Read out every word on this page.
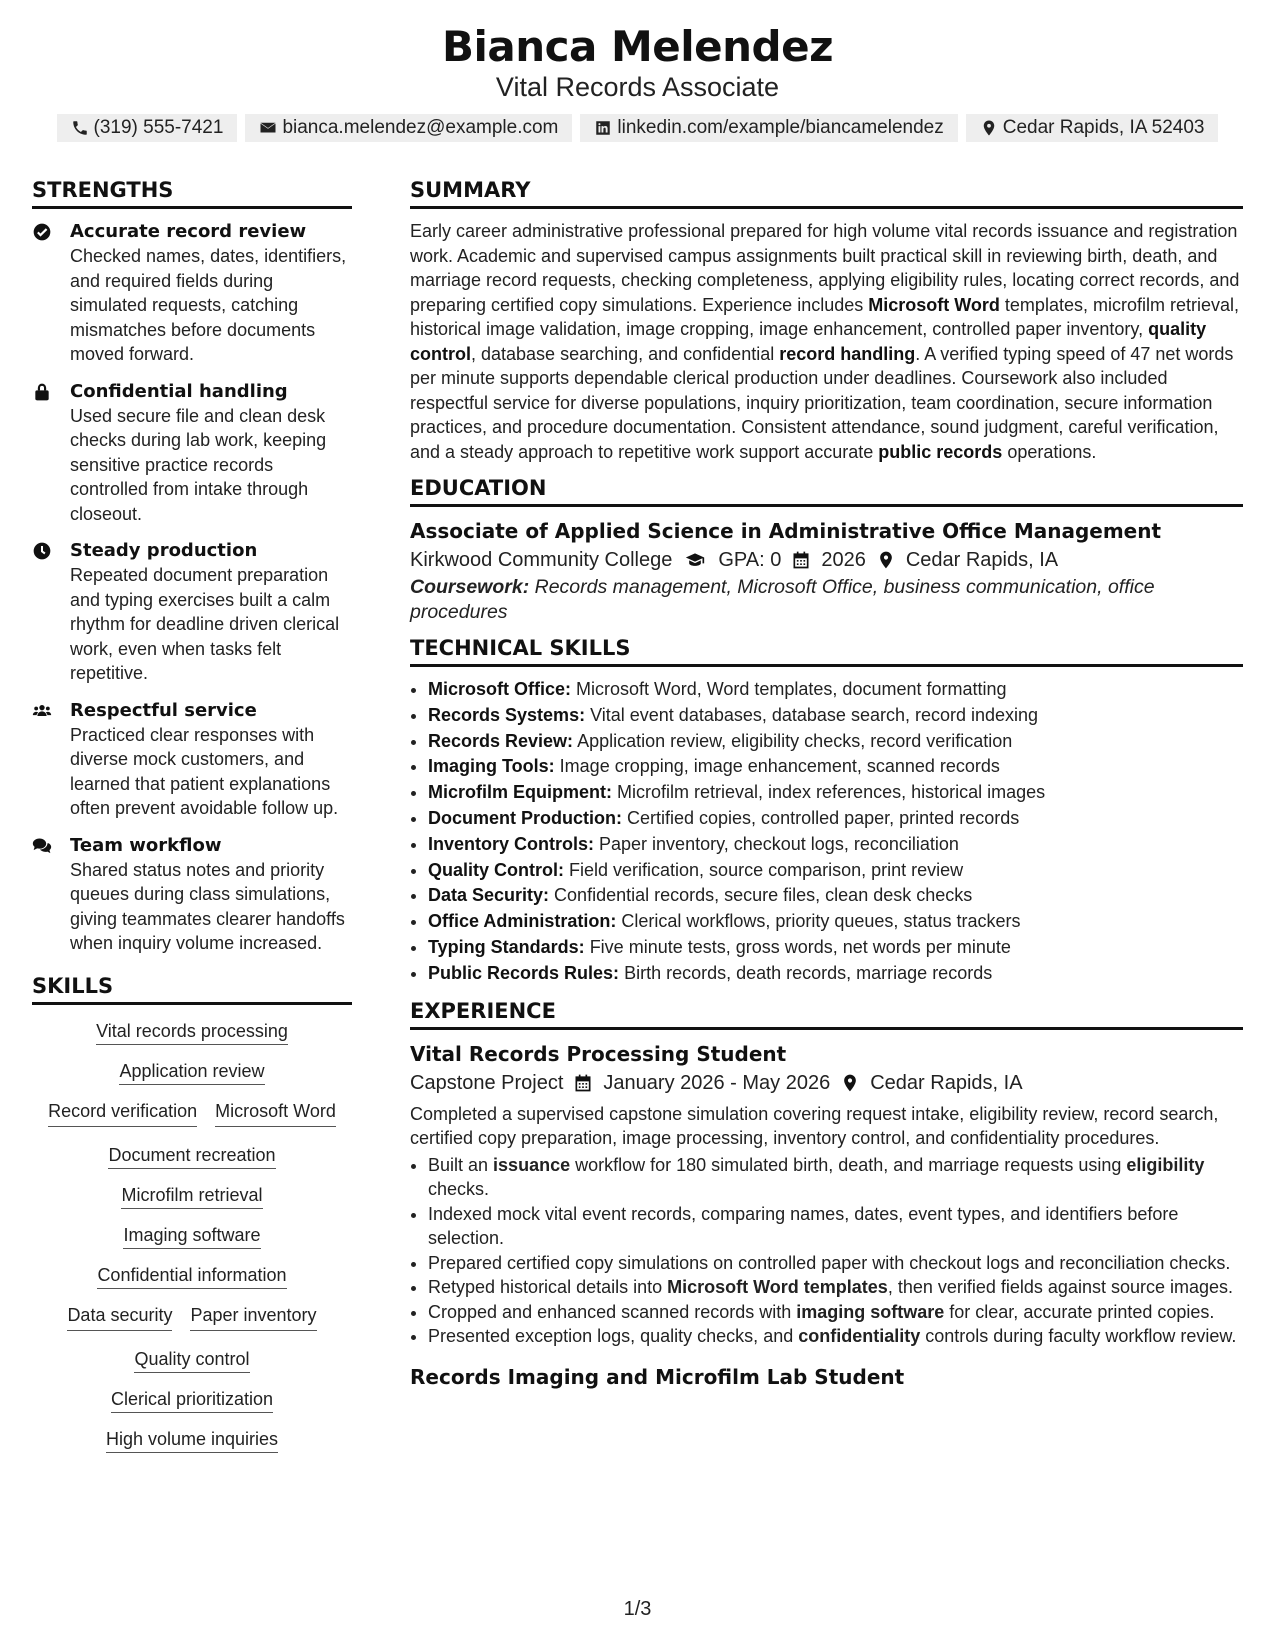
Bianca Melendez
Vital Records Associate
(319) 555-7421	bianca.melendez@example.com	linkedin.com/example/biancamelendez	Cedar Rapids, IA 52403
STRENGTHS
Accurate record review
Checked names, dates, identifiers, and required fields during simulated requests, catching mismatches before documents moved forward.
Confidential handling
Used secure file and clean desk checks during lab work, keeping sensitive practice records controlled from intake through closeout.
Steady production
Repeated document preparation and typing exercises built a calm rhythm for deadline driven clerical work, even when tasks felt repetitive.
Respectful service
Practiced clear responses with diverse mock customers, and learned that patient explanations often prevent avoidable follow up.
Team workflow
Shared status notes and priority queues during class simulations, giving teammates clearer handoffs when inquiry volume increased.
SKILLS
Vital records processing
Application review
Record verification Microsoft Word
Document recreation
Microfilm retrieval
Imaging software
Confidential information
Data security Paper inventory
Quality control
Clerical prioritization
High volume inquiries
SUMMARY

Early career administrative professional prepared for high volume vital records issuance and registration work. Academic and supervised campus assignments built practical skill in reviewing birth, death, and marriage record requests, checking completeness, applying eligibility rules, locating correct records, and preparing certified copy simulations. Experience includes Microsoft Word templates, microfilm retrieval, historical image validation, image cropping, image enhancement, controlled paper inventory, quality control, database searching, and confidential record handling. A verified typing speed of 47 net words per minute supports dependable clerical production under deadlines. Coursework also included respectful service for diverse populations, inquiry prioritization, team coordination, secure information practices, and procedure documentation. Consistent attendance, sound judgment, careful verification, and a steady approach to repetitive work support accurate public records operations.

EDUCATION
Associate of Applied Science in Administrative Office Management
Kirkwood Community College GPA: 0 2026 Cedar Rapids, IA
Coursework: Records management, Microsoft Office, business communication, office procedures
TECHNICAL SKILLS
• Microsoft Office: Microsoft Word, Word templates, document formatting
• Records Systems: Vital event databases, database search, record indexing
• Records Review: Application review, eligibility checks, record verification
• Imaging Tools: Image cropping, image enhancement, scanned records
• Microfilm Equipment: Microfilm retrieval, index references, historical images
• Document Production: Certified copies, controlled paper, printed records
• Inventory Controls: Paper inventory, checkout logs, reconciliation
• Quality Control: Field verification, source comparison, print review
• Data Security: Confidential records, secure files, clean desk checks
• Office Administration: Clerical workflows, priority queues, status trackers
• Typing Standards: Five minute tests, gross words, net words per minute
• Public Records Rules: Birth records, death records, marriage records
EXPERIENCE
Vital Records Processing Student
Capstone Project January 2026 - May 2026 Cedar Rapids, IA

Completed a supervised capstone simulation covering request intake, eligibility review, record search, certified copy preparation, image processing, inventory control, and confidentiality procedures.

• Built an issuance workflow for 180 simulated birth, death, and marriage requests using eligibility checks.
• Indexed mock vital event records, comparing names, dates, event types, and identifiers before selection.
• Prepared certified copy simulations on controlled paper with checkout logs and reconciliation checks.
• Retyped historical details into Microsoft Word templates, then verified fields against source images.
• Cropped and enhanced scanned records with imaging software for clear, accurate printed copies.
• Presented exception logs, quality checks, and confidentiality controls during faculty workflow review.
Records Imaging and Microfilm Lab Student
1/3
